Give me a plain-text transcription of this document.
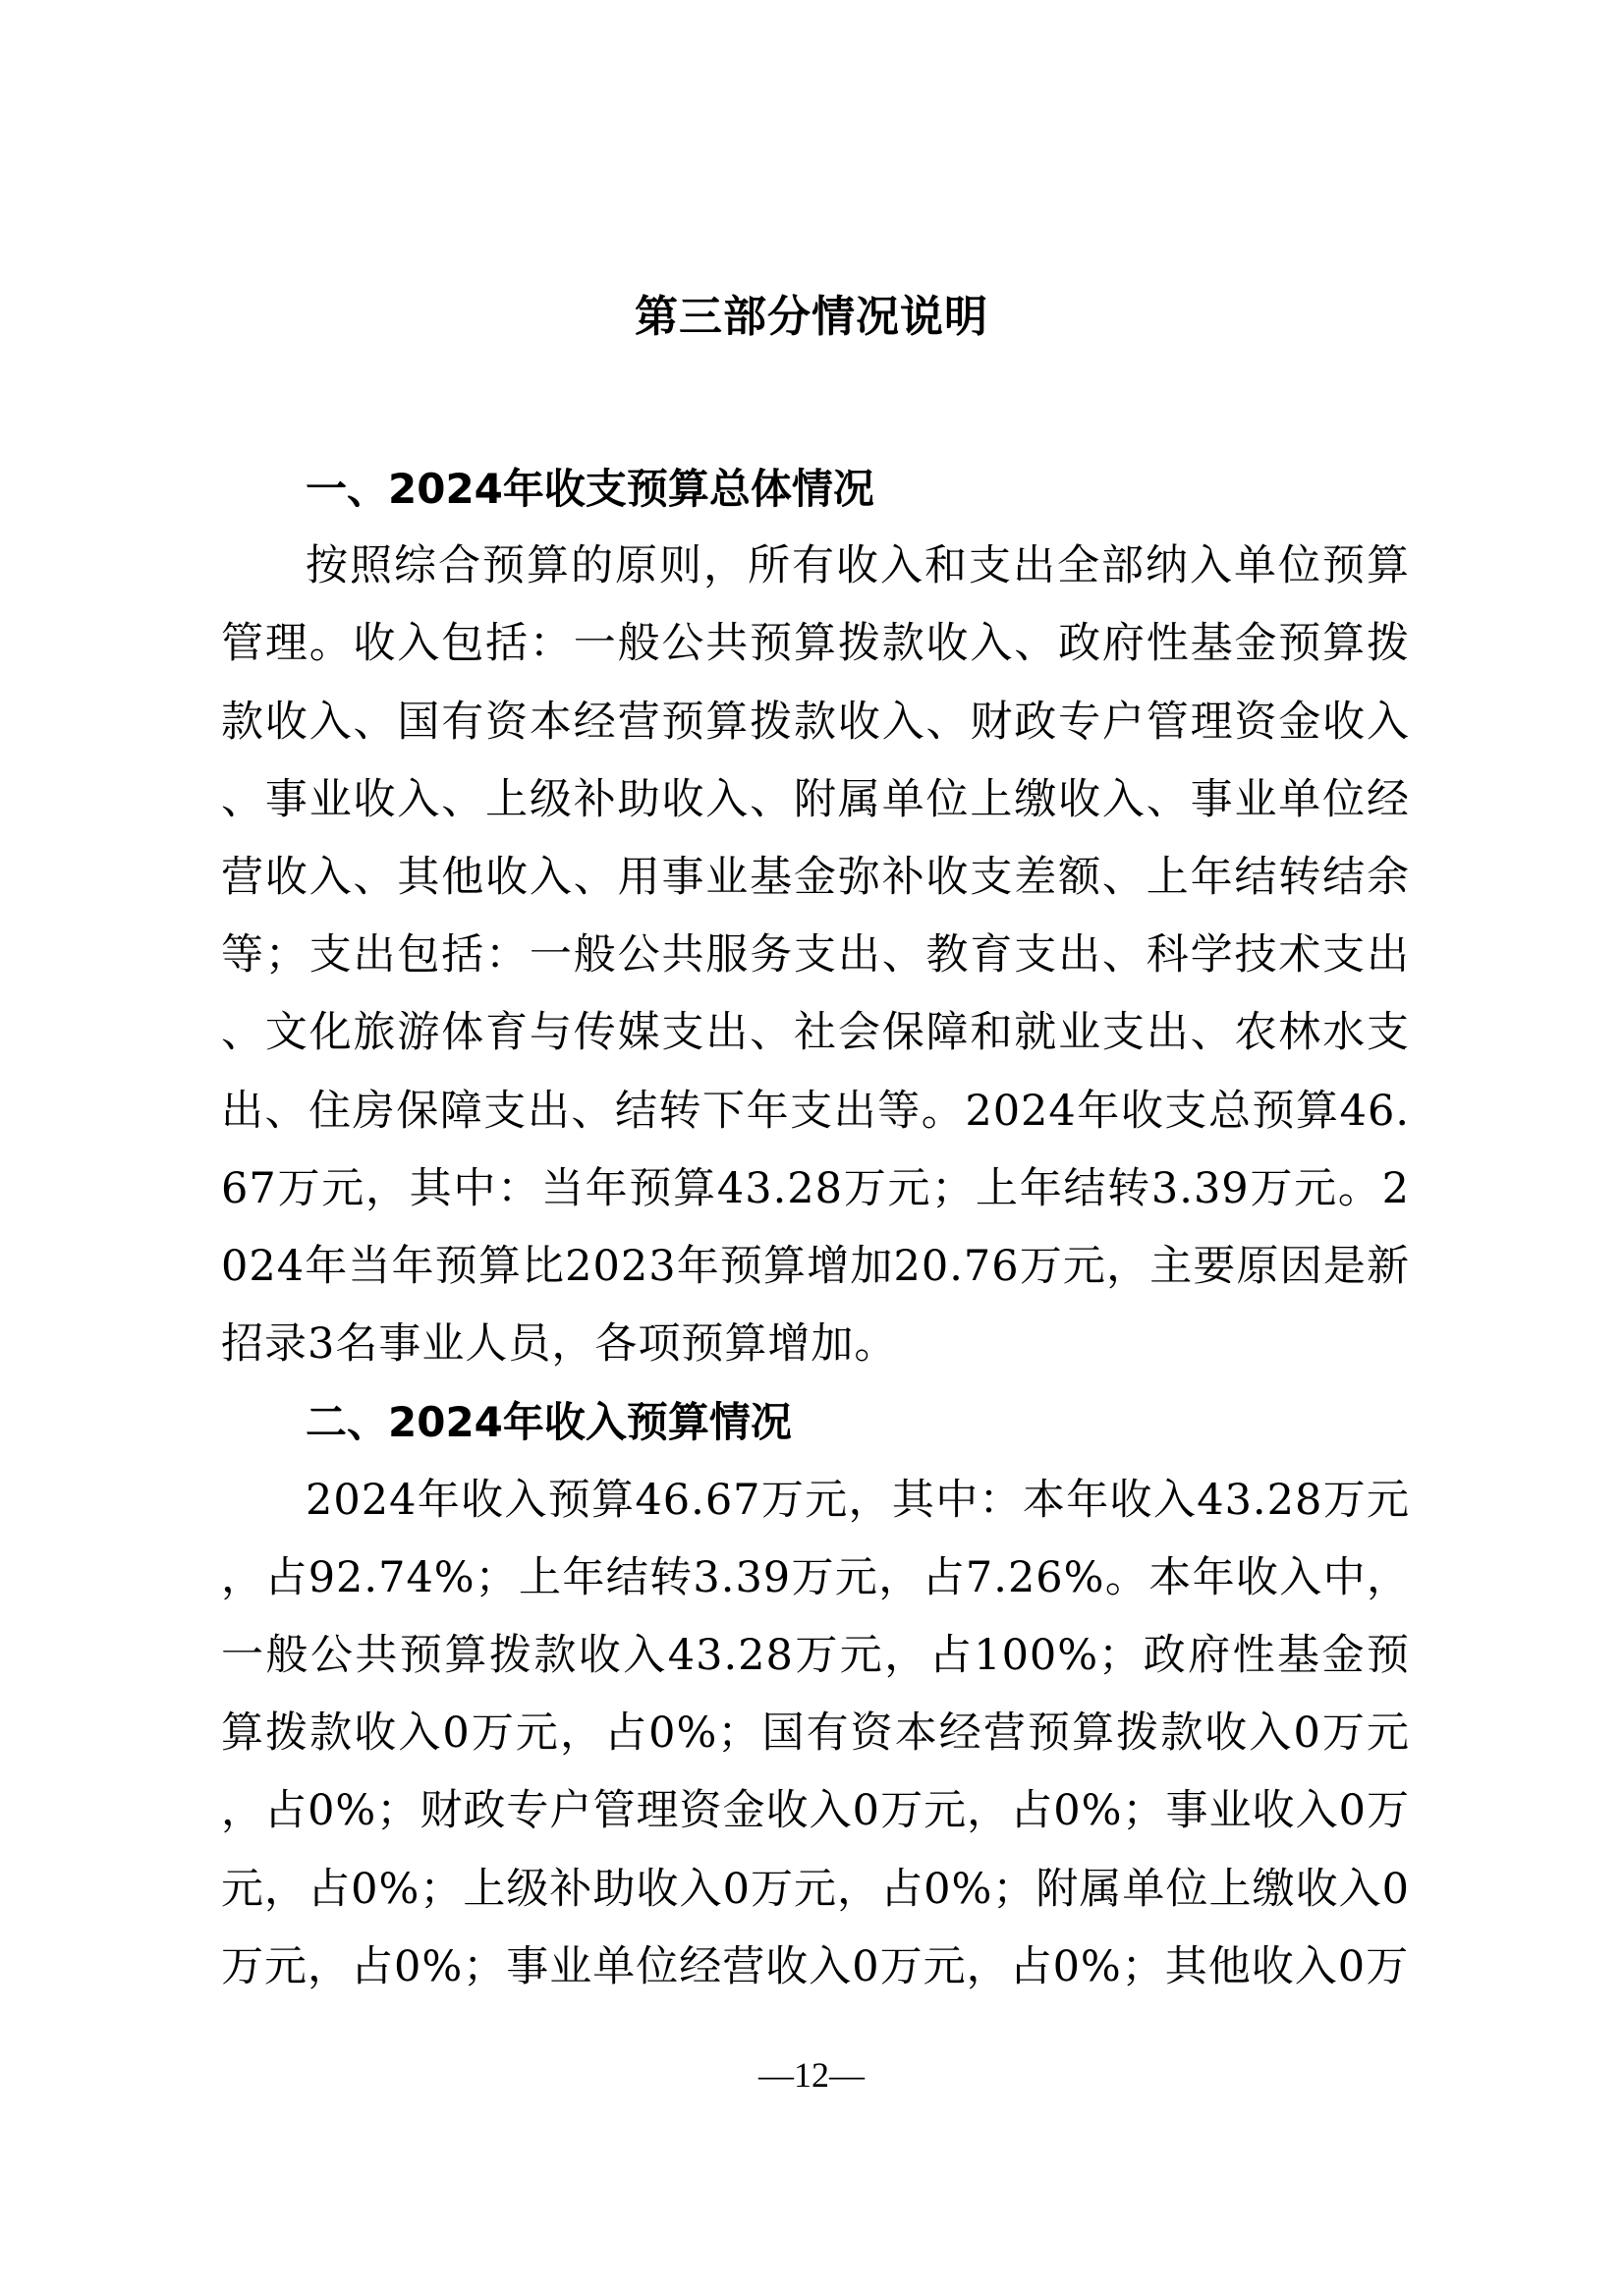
第三部分情况说明
一、2024年收支预算总体情况

按照综合预算的原则，所有收入和支出全部纳入单位预算管理。收入包括：一般公共预算拨款收入、政府性基金预算拨款收入、国有资本经营预算拨款收入、财政专户管理资金收入、事业收入、上级补助收入、附属单位上缴收入、事业单位经营收入、其他收入、用事业基金弥补收支差额、上年结转结余等；支出包括：一般公共服务支出、教育支出、科学技术支出、文化旅游体育与传媒支出、社会保障和就业支出、农林水支出、住房保障支出、结转下年支出等。2024年收支总预算46.67万元，其中：当年预算43.28万元；上年结转3.39万元。2024年当年预算比2023年预算增加20.76万元，主要原因是新招录3名事业人员，各项预算增加。

二、2024年收入预算情况

2024年收入预算46.67万元，其中：本年收入43.28万元，占92.74%；上年结转3.39万元，占7.26%。本年收入中，一般公共预算拨款收入43.28万元，占100%；政府性基金预算拨款收入0万元，占0%；国有资本经营预算拨款收入0万元，占0%；财政专户管理资金收入0万元，占0%；事业收入0万元，占0%；上级补助收入0万元，占0%；附属单位上缴收入0万元，占0%；事业单位经营收入0万元，占0%；其他收入0万

—12—
